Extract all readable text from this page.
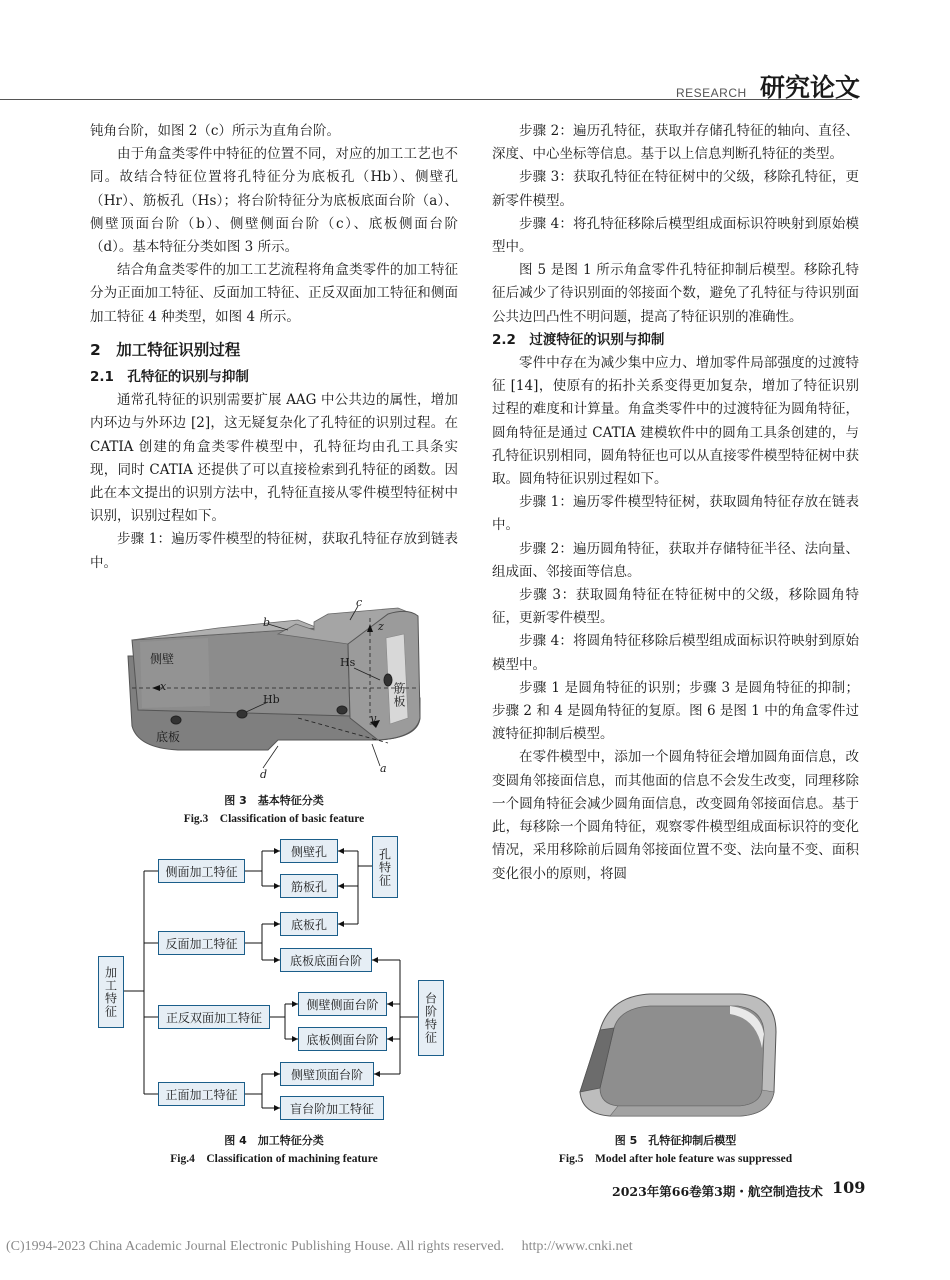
RESEARCH 研究论文

钝角台阶，如图 2（c）所示为直角台阶。

由于角盒类零件中特征的位置不同，对应的加工工艺也不同。故结合特征位置将孔特征分为底板孔（Hb）、侧壁孔（Hr）、筋板孔（Hs）；将台阶特征分为底板底面台阶（a）、侧壁顶面台阶（b）、侧壁侧面台阶（c）、底板侧面台阶（d）。基本特征分类如图 3 所示。

结合角盒类零件的加工工艺流程将角盒类零件的加工特征分为正面加工特征、反面加工特征、正反双面加工特征和侧面加工特征 4 种类型，如图 4 所示。

2　加工特征识别过程

2.1　孔特征的识别与抑制

通常孔特征的识别需要扩展 AAG 中公共边的属性，增加内环边与外环边 [2]，这无疑复杂化了孔特征的识别过程。在 CATIA 创建的角盒类零件模型中，孔特征均由孔工具条实现，同时 CATIA 还提供了可以直接检索到孔特征的函数。因此在本文提出的识别方法中，孔特征直接从零件模型特征树中识别，识别过程如下。

步骤 1：遍历零件模型的特征树，获取孔特征存放到链表中。

侧壁
底板
筋板
Hb
Hs
b
c
d	a
x
y
z
图 3　基本特征分类
Fig.3　Classification of basic feature
加工特征
侧面加工特征
反面加工特征
正反双面加工特征
正面加工特征
侧壁孔
筋板孔
底板孔
底板底面台阶
侧壁侧面台阶
底板侧面台阶
侧壁顶面台阶
盲台阶加工特征
孔特征
台阶特征
图 4　加工特征分类
Fig.4　Classification of machining feature

步骤 2：遍历孔特征，获取并存储孔特征的轴向、直径、深度、中心坐标等信息。基于以上信息判断孔特征的类型。

步骤 3：获取孔特征在特征树中的父级，移除孔特征，更新零件模型。

步骤 4：将孔特征移除后模型组成面标识符映射到原始模型中。

图 5 是图 1 所示角盒零件孔特征抑制后模型。移除孔特征后减少了待识别面的邻接面个数，避免了孔特征与待识别面公共边凹凸性不明问题，提高了特征识别的准确性。

2.2　过渡特征的识别与抑制

零件中存在为减少集中应力、增加零件局部强度的过渡特征 [14]，使原有的拓扑关系变得更加复杂，增加了特征识别过程的难度和计算量。角盒类零件中的过渡特征为圆角特征，圆角特征是通过 CATIA 建模软件中的圆角工具条创建的，与孔特征识别相同，圆角特征也可以从直接零件模型特征树中获取。圆角特征识别过程如下。

步骤 1：遍历零件模型特征树，获取圆角特征存放在链表中。

步骤 2：遍历圆角特征，获取并存储特征半径、法向量、组成面、邻接面等信息。

步骤 3：获取圆角特征在特征树中的父级，移除圆角特征，更新零件模型。

步骤 4：将圆角特征移除后模型组成面标识符映射到原始模型中。

步骤 1 是圆角特征的识别；步骤 3 是圆角特征的抑制；步骤 2 和 4 是圆角特征的复原。图 6 是图 1 中的角盒零件过渡特征抑制后模型。

在零件模型中，添加一个圆角特征会增加圆角面信息，改变圆角邻接面信息，而其他面的信息不会发生改变，同理移除一个圆角特征会减少圆角面信息，改变圆角邻接面信息。基于此，每移除一个圆角特征，观察零件模型组成面标识符的变化情况，采用移除前后圆角邻接面位置不变、法向量不变、面积变化很小的原则，将圆

图 5　孔特征抑制后模型
Fig.5　Model after hole feature was suppressed
2023年第66卷第3期・航空制造技术 109
(C)1994-2023 China Academic Journal Electronic Publishing House. All rights reserved.　 http://www.cnki.net
